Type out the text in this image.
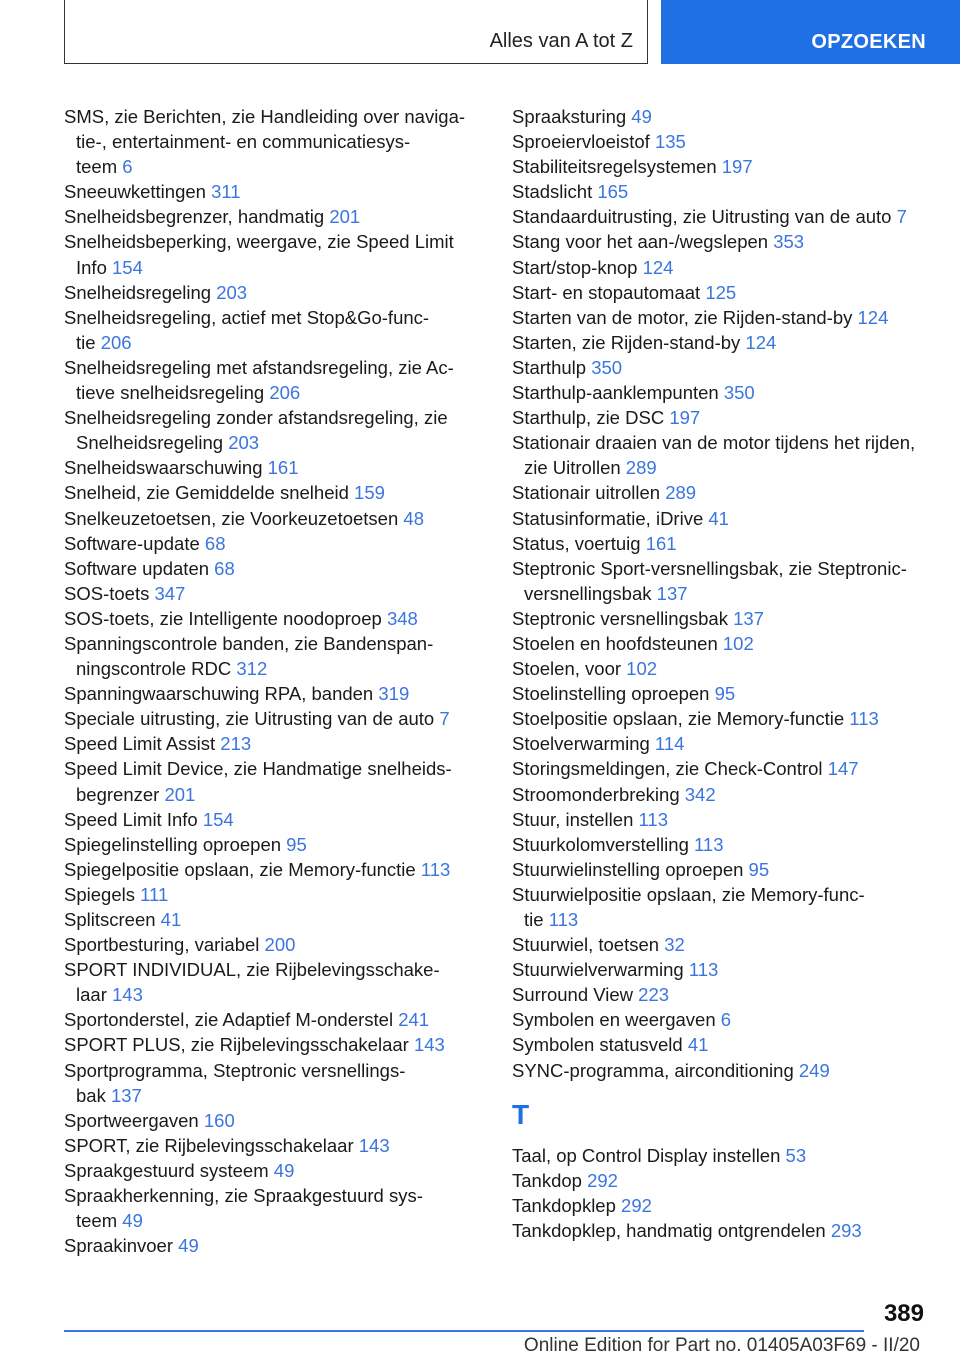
Alles van A tot Z	OPZOEKEN
SMS, zie Berichten, zie Handleiding over naviga-
tie-, entertainment- en communicatiesys-
teem 6
Sneeuwkettingen 311
Snelheidsbegrenzer, handmatig 201
Snelheidsbeperking, weergave, zie Speed Limit
Info 154
Snelheidsregeling 203
Snelheidsregeling, actief met Stop&Go-func-
tie 206
Snelheidsregeling met afstandsregeling, zie Ac-
tieve snelheidsregeling 206
Snelheidsregeling zonder afstandsregeling, zie
Snelheidsregeling 203
Snelheidswaarschuwing 161
Snelheid, zie Gemiddelde snelheid 159
Snelkeuzetoetsen, zie Voorkeuzetoetsen 48
Software-update 68
Software updaten 68
SOS-toets 347
SOS-toets, zie Intelligente noodoproep 348
Spanningscontrole banden, zie Bandenspan-
ningscontrole RDC 312
Spanningwaarschuwing RPA, banden 319
Speciale uitrusting, zie Uitrusting van de auto 7
Speed Limit Assist 213
Speed Limit Device, zie Handmatige snelheids-
begrenzer 201
Speed Limit Info 154
Spiegelinstelling oproepen 95
Spiegelpositie opslaan, zie Memory-functie 113
Spiegels 111
Splitscreen 41
Sportbesturing, variabel 200
SPORT INDIVIDUAL, zie Rijbelevingsschake-
laar 143
Sportonderstel, zie Adaptief M-onderstel 241
SPORT PLUS, zie Rijbelevingsschakelaar 143
Sportprogramma, Steptronic versnellings-
bak 137
Sportweergaven 160
SPORT, zie Rijbelevingsschakelaar 143
Spraakgestuurd systeem 49
Spraakherkenning, zie Spraakgestuurd sys-
teem 49
Spraakinvoer 49
Spraaksturing 49
Sproeiervloeistof 135
Stabiliteitsregelsystemen 197
Stadslicht 165
Standaarduitrusting, zie Uitrusting van de auto 7
Stang voor het aan-/wegslepen 353
Start/stop-knop 124
Start- en stopautomaat 125
Starten van de motor, zie Rijden-stand-by 124
Starten, zie Rijden-stand-by 124
Starthulp 350
Starthulp-aanklempunten 350
Starthulp, zie DSC 197
Stationair draaien van de motor tijdens het rijden,
zie Uitrollen 289
Stationair uitrollen 289
Statusinformatie, iDrive 41
Status, voertuig 161
Steptronic Sport-versnellingsbak, zie Steptronic-
versnellingsbak 137
Steptronic versnellingsbak 137
Stoelen en hoofdsteunen 102
Stoelen, voor 102
Stoelinstelling oproepen 95
Stoelpositie opslaan, zie Memory-functie 113
Stoelverwarming 114
Storingsmeldingen, zie Check-Control 147
Stroomonderbreking 342
Stuur, instellen 113
Stuurkolomverstelling 113
Stuurwielinstelling oproepen 95
Stuurwielpositie opslaan, zie Memory-func-
tie 113
Stuurwiel, toetsen 32
Stuurwielverwarming 113
Surround View 223
Symbolen en weergaven 6
Symbolen statusveld 41
SYNC-programma, airconditioning 249
T
Taal, op Control Display instellen 53
Tankdop 292
Tankdopklep 292
Tankdopklep, handmatig ontgrendelen 293
389
Online Edition for Part no. 01405A03F69 - II/20
